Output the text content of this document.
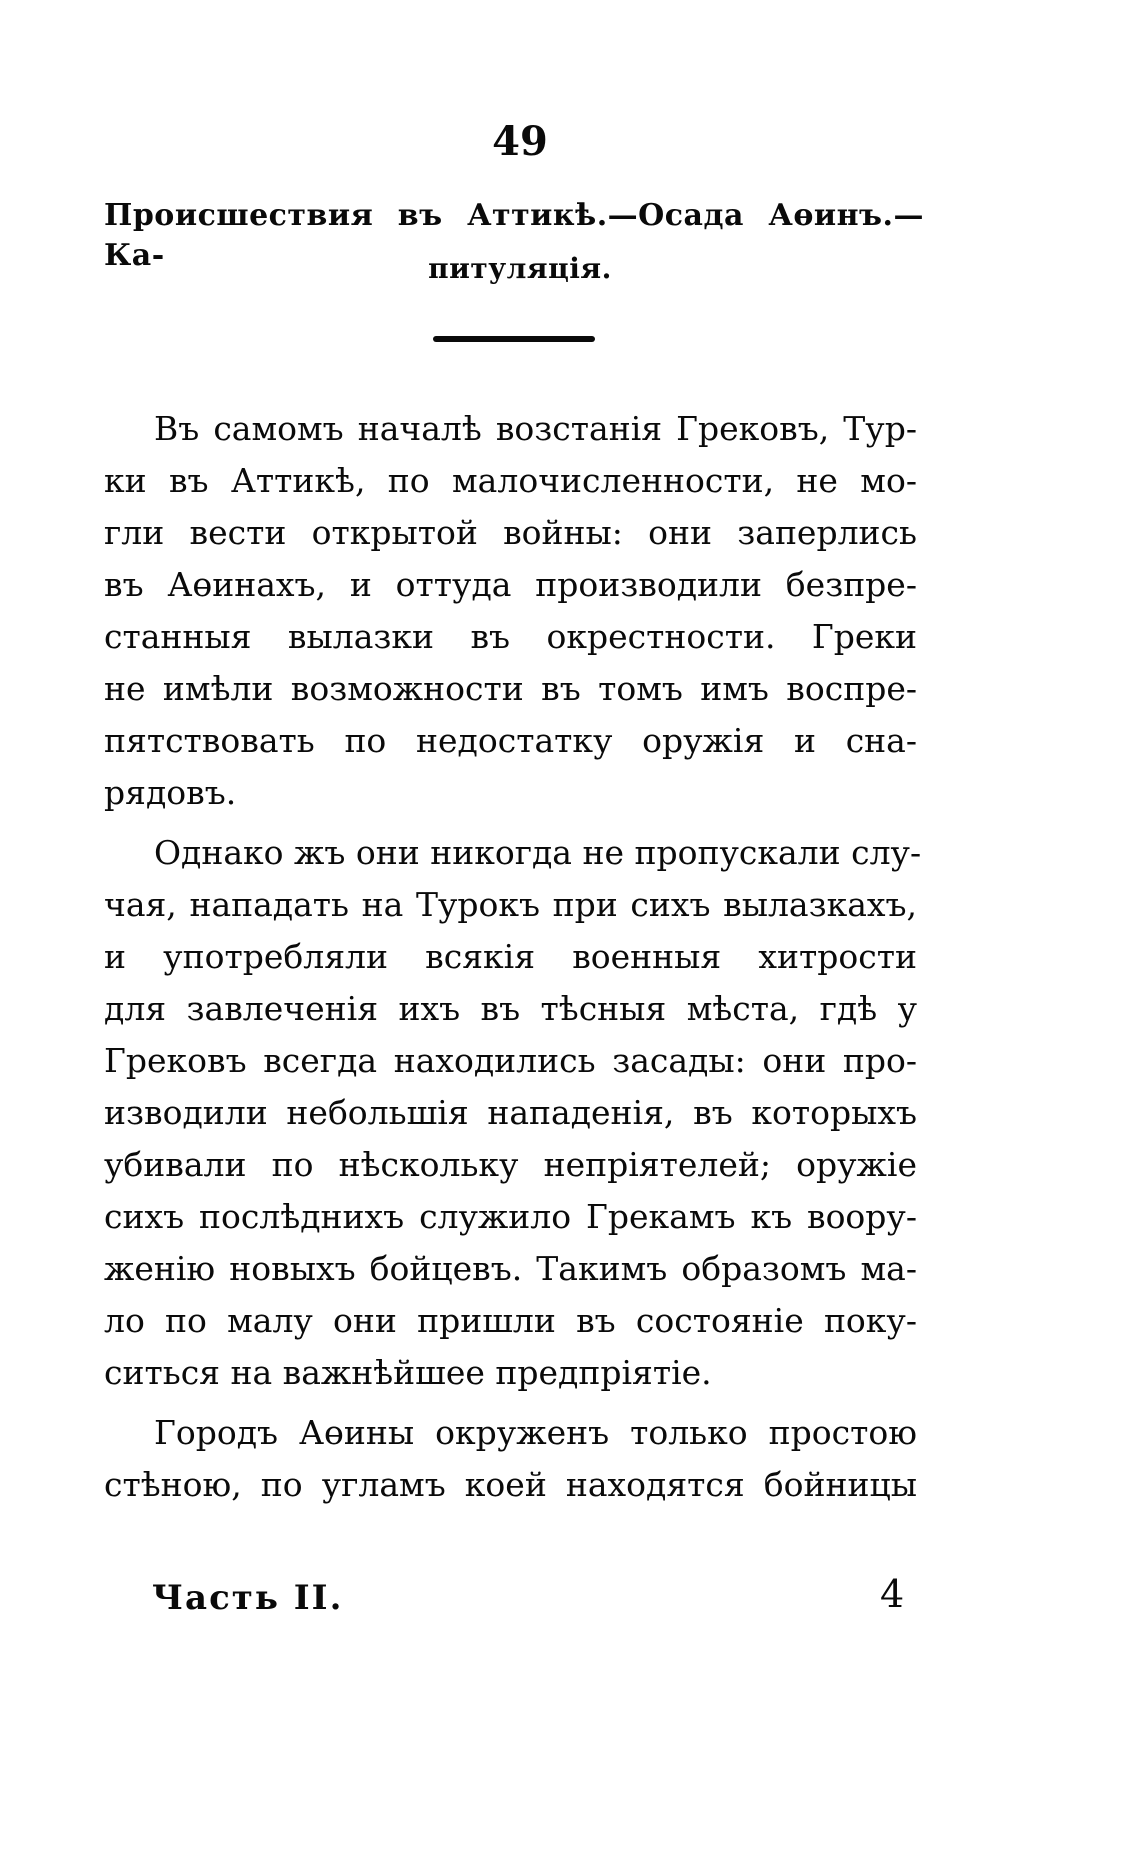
49
Происшествия въ Аттикѣ.—Осада Аөинъ.—Ка-	питуляція.
Въ самомъ началѣ возстанія Грековъ, Тур-
ки въ Аттикѣ, по малочисленности, не мо-
гли вести открытой войны: они заперлись
въ Аөинахъ, и оттуда производили безпре-
станныя вылазки въ окрестности. Греки
не имѣли возможности въ томъ имъ воспре-
пятствовать по недостатку оружія и сна-
рядовъ.
Однако жъ они никогда не пропускали слу-
чая, нападать на Турокъ при сихъ вылазкахъ,
и употребляли всякія военныя хитрости
для завлеченія ихъ въ тѣсныя мѣста, гдѣ у
Грековъ всегда находились засады: они про-
изводили небольшія нападенія, въ которыхъ
убивали по нѣскольку непріятелей; оружіе
сихъ послѣднихъ служило Грекамъ къ воору-
женію новыхъ бойцевъ. Такимъ образомъ ма-
ло по малу они пришли въ состояніе поку-
ситься на важнѣйшее предпріятіе.
Городъ Аөины окруженъ только простою
стѣною, по угламъ коей находятся бойницы
Часть II.	4
